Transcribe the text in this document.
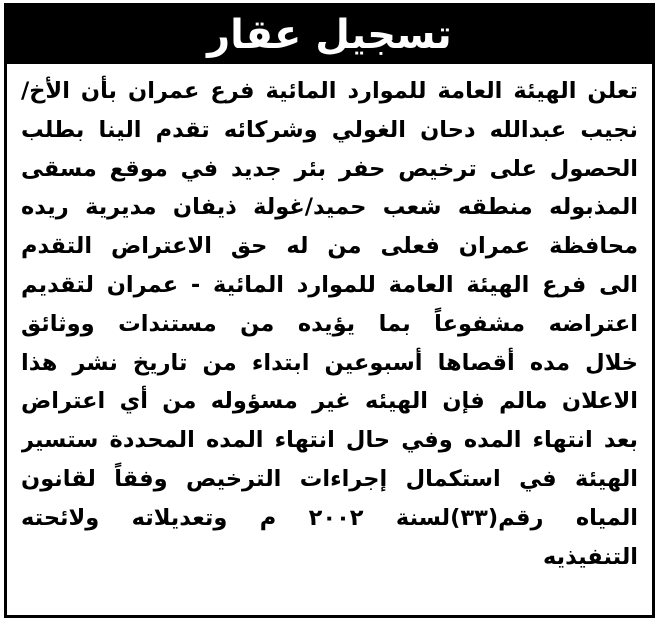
تسجيل عقار
تعلن الهيئة العامة للموارد المائية فرع عمران بأن الأخ/
نجيب عبدالله دحان الغولي وشركائه تقدم الينا بطلب
الحصول على ترخيص حفر بئر جديد في موقع مسقى
المذبوله منطقه شعب حميد/غولة ذيفان مديرية ريده
محافظة عمران فعلى من له حق الاعتراض التقدم
الى فرع الهيئة العامة للموارد المائية - عمران لتقديم
اعتراضه مشفوعاً بما يؤيده من مستندات ووثائق
خلال مده أقصاها أسبوعين ابتداء من تاريخ نشر هذا
الاعلان مالم فإن الهيئه غير مسؤوله من أي اعتراض
بعد انتهاء المده وفي حال انتهاء المده المحددة ستسير
الهيئة في استكمال إجراءات الترخيص وفقاً لقانون
المياه رقم(٣٣)لسنة ٢٠٠٢ م وتعديلاته ولائحته
التنفيذيه
